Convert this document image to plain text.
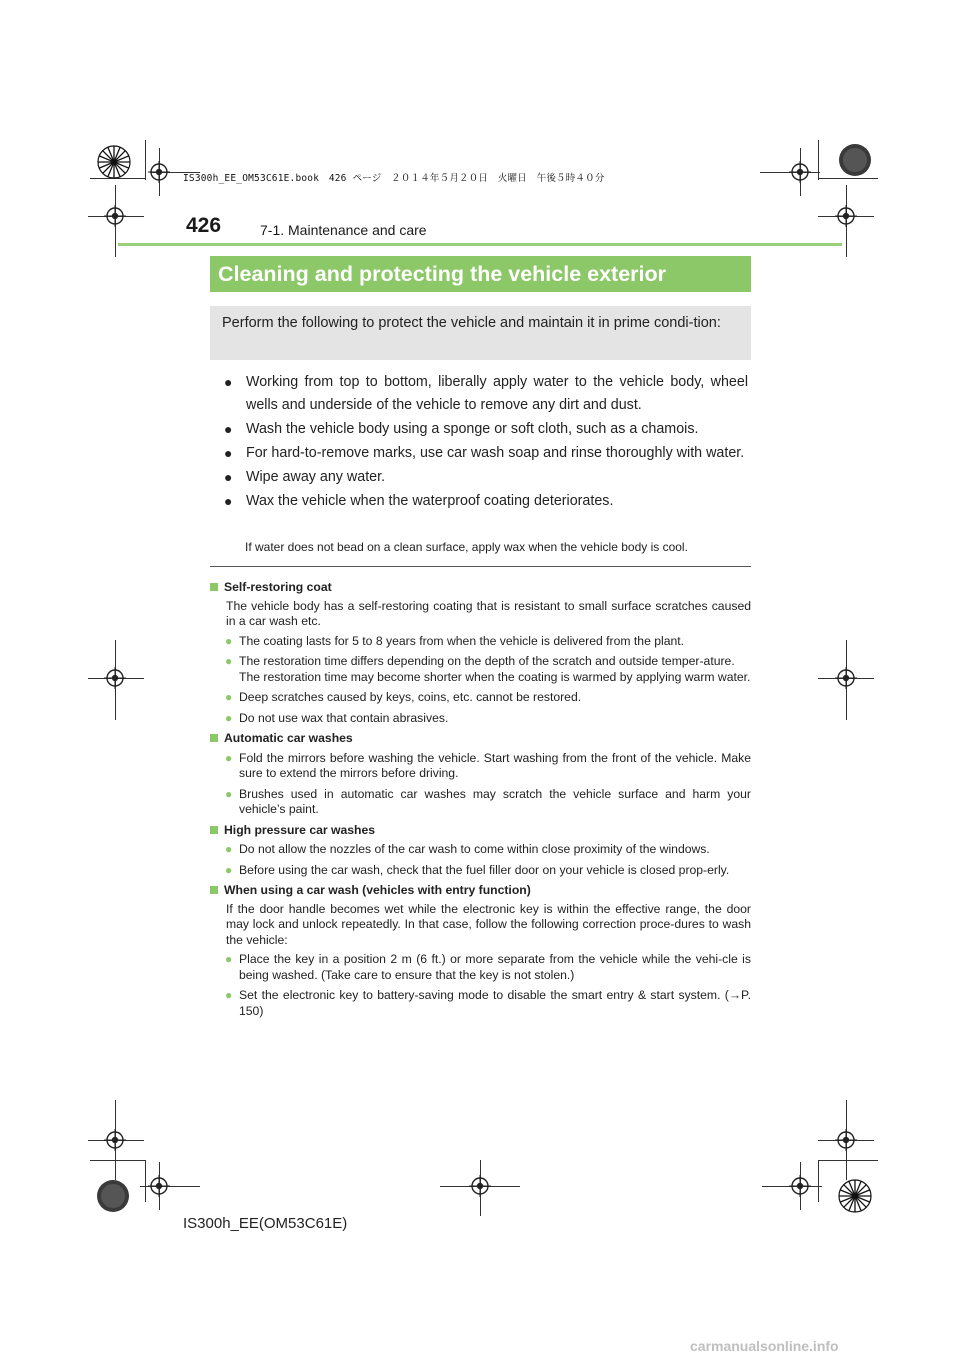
IS300h_EE_OM53C61E.book　426 ページ　２０１４年５月２０日　火曜日　午後５時４０分
426	7-1. Maintenance and care
Cleaning and protecting the vehicle exterior
Perform the following to protect the vehicle and maintain it in prime condi-tion:
● Working from top to bottom, liberally apply water to the vehicle body, wheel wells and underside of the vehicle to remove any dirt and dust.
● Wash the vehicle body using a sponge or soft cloth, such as a chamois.
● For hard-to-remove marks, use car wash soap and rinse thoroughly with water.
● Wipe away any water.
● Wax the vehicle when the waterproof coating deteriorates.
If water does not bead on a clean surface, apply wax when the vehicle body is cool.
Self-restoring coat
The vehicle body has a self-restoring coating that is resistant to small surface scratches caused in a car wash etc.
● The coating lasts for 5 to 8 years from when the vehicle is delivered from the plant.
● The restoration time differs depending on the depth of the scratch and outside temper-ature.
The restoration time may become shorter when the coating is warmed by applying warm water.
● Deep scratches caused by keys, coins, etc. cannot be restored.
● Do not use wax that contain abrasives.
Automatic car washes
● Fold the mirrors before washing the vehicle. Start washing from the front of the vehicle. Make sure to extend the mirrors before driving.
● Brushes used in automatic car washes may scratch the vehicle surface and harm your vehicle’s paint.
High pressure car washes
● Do not allow the nozzles of the car wash to come within close proximity of the windows.
● Before using the car wash, check that the fuel filler door on your vehicle is closed prop-erly.
When using a car wash (vehicles with entry function)
If the door handle becomes wet while the electronic key is within the effective range, the door may lock and unlock repeatedly. In that case, follow the following correction proce-dures to wash the vehicle:
● Place the key in a position 2 m (6 ft.) or more separate from the vehicle while the vehi-cle is being washed. (Take care to ensure that the key is not stolen.)
● Set the electronic key to battery-saving mode to disable the smart entry & start system. (→P. 150)
IS300h_EE(OM53C61E)
carmanualsonline.info
